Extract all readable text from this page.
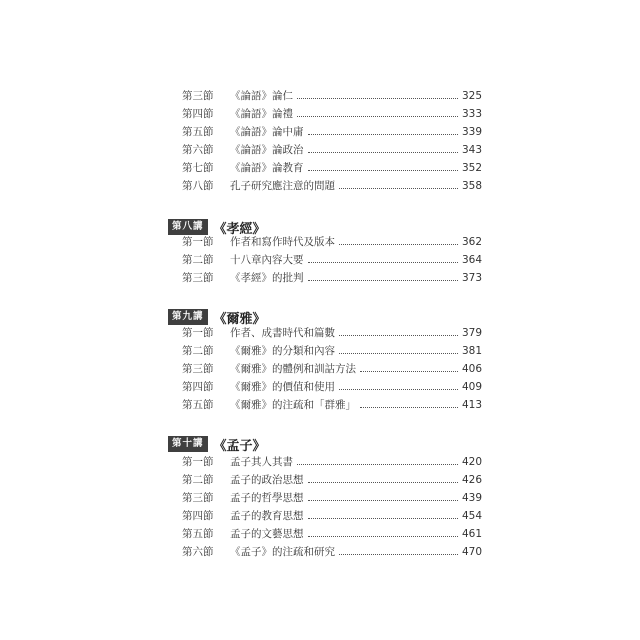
第三節	《論語》論仁	325
第四節	《論語》論禮	333
第五節	《論語》論中庸	339
第六節	《論語》論政治	343
第七節	《論語》論教育	352
第八節	孔子研究應注意的問題	358
第八講 《孝經》
第一節	作者和寫作時代及版本	362
第二節	十八章內容大要	364
第三節	《孝經》的批判	373
第九講 《爾雅》
第一節	作者、成書時代和篇數	379
第二節	《爾雅》的分類和內容	381
第三節	《爾雅》的體例和訓詁方法	406
第四節	《爾雅》的價值和使用	409
第五節	《爾雅》的注疏和「群雅」	413
第十講 《孟子》
第一節	孟子其人其書	420
第二節	孟子的政治思想	426
第三節	孟子的哲學思想	439
第四節	孟子的教育思想	454
第五節	孟子的文藝思想	461
第六節	《孟子》的注疏和研究	470
